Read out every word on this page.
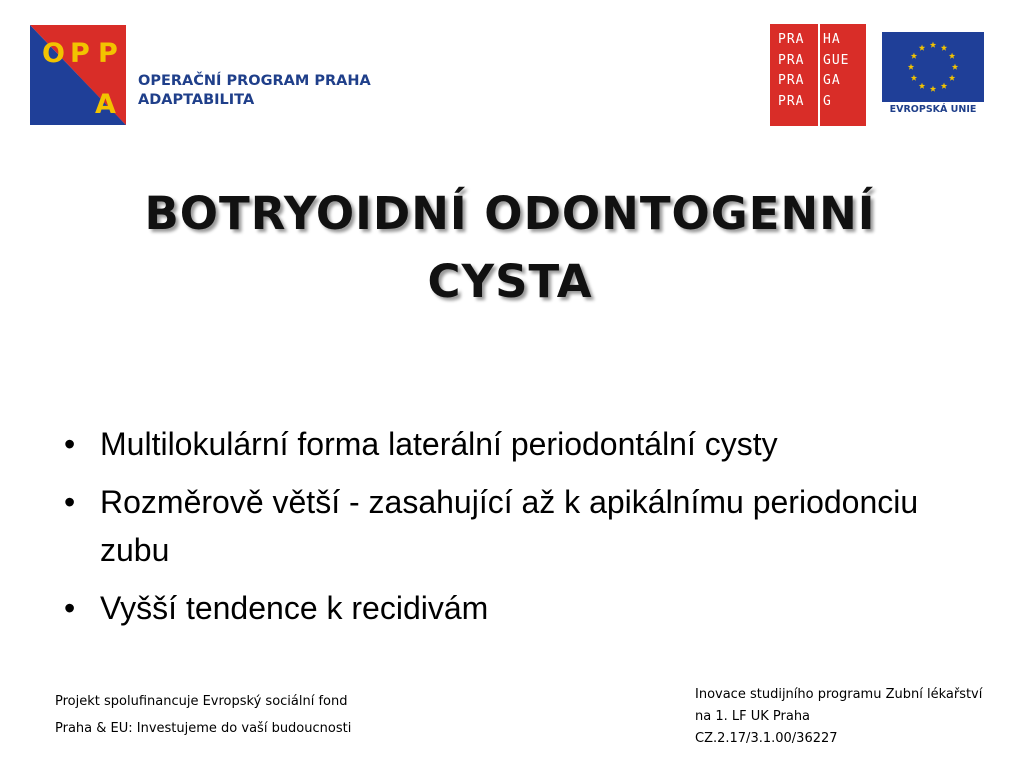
O P P
A
OPERAČNÍ PROGRAM PRAHA
ADAPTABILITA
PRA
PRA
PRA
PRA
HA
GUE
GA
G
EVROPSKÁ UNIE
BOTRYOIDNÍ ODONTOGENNÍ
CYSTA
• Multilokulární forma laterální periodontální cysty
• Rozměrově větší - zasahující až k apikálnímu periodonciu zubu
• Vyšší tendence k recidivám
Projekt spolufinancuje Evropský sociální fond
Praha & EU: Investujeme do vaší budoucnosti
Inovace studijního programu Zubní lékařství
na 1. LF UK Praha
CZ.2.17/3.1.00/36227
